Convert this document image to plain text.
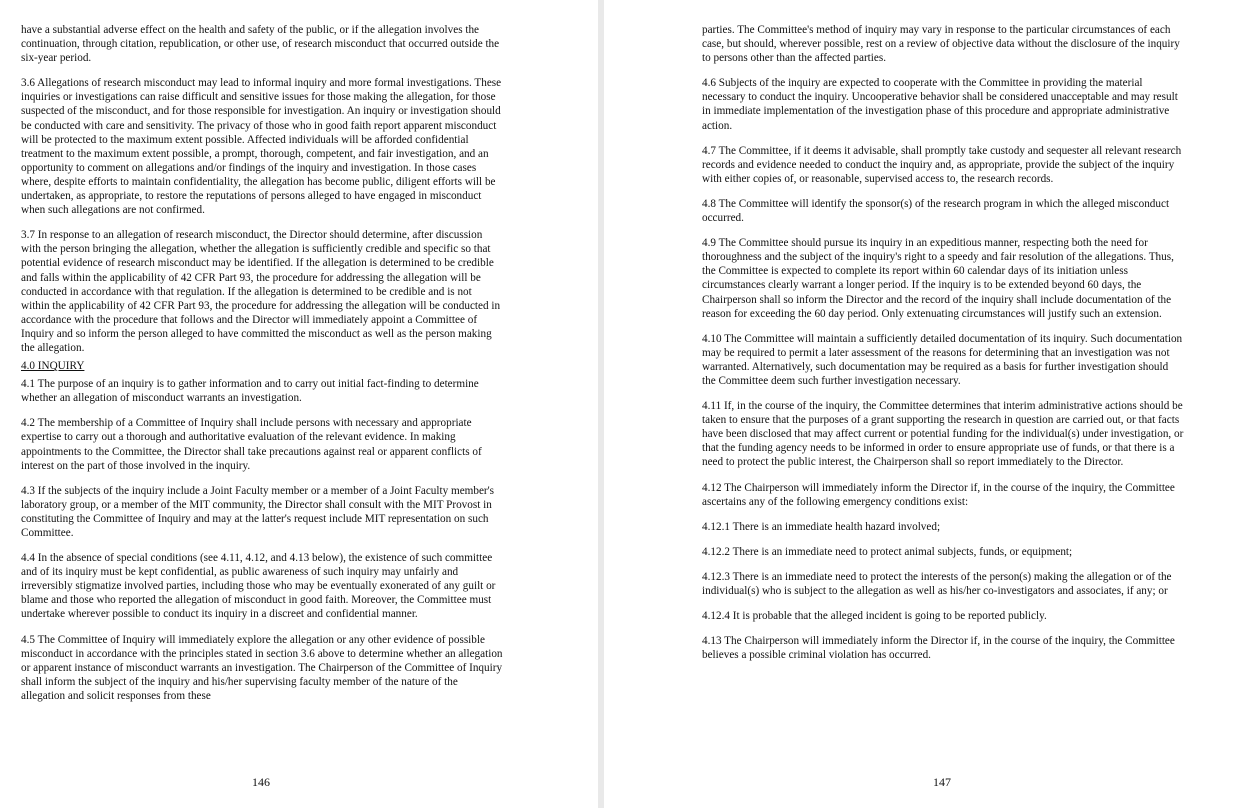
have a substantial adverse effect on the health and safety of the public, or if the allegation involves the continuation, through citation, republication, or other use, of research misconduct that occurred outside the six-year period.

3.6 Allegations of research misconduct may lead to informal inquiry and more formal investigations. These inquiries or investigations can raise difficult and sensitive issues for those making the allegation, for those suspected of the misconduct, and for those responsible for investigation. An inquiry or investigation should be conducted with care and sensitivity. The privacy of those who in good faith report apparent misconduct will be protected to the maximum extent possible. Affected individuals will be afforded confidential treatment to the maximum extent possible, a prompt, thorough, competent, and fair investigation, and an opportunity to comment on allegations and/or findings of the inquiry and investigation. In those cases where, despite efforts to maintain confidentiality, the allegation has become public, diligent efforts will be undertaken, as appropriate, to restore the reputations of persons alleged to have engaged in misconduct when such allegations are not confirmed.

3.7 In response to an allegation of research misconduct, the Director should determine, after discussion with the person bringing the allegation, whether the allegation is sufficiently credible and specific so that potential evidence of research misconduct may be identified. If the allegation is determined to be credible and falls within the applicability of 42 CFR Part 93, the procedure for addressing the allegation will be conducted in accordance with that regulation. If the allegation is determined to be credible and is not within the applicability of 42 CFR Part 93, the procedure for addressing the allegation will be conducted in accordance with the procedure that follows and the Director will immediately appoint a Committee of Inquiry and so inform the person alleged to have committed the misconduct as well as the person making the allegation.

4.0 INQUIRY

4.1 The purpose of an inquiry is to gather information and to carry out initial fact-finding to determine whether an allegation of misconduct warrants an investigation.

4.2 The membership of a Committee of Inquiry shall include persons with necessary and appropriate expertise to carry out a thorough and authoritative evaluation of the relevant evidence. In making appointments to the Committee, the Director shall take precautions against real or apparent conflicts of interest on the part of those involved in the inquiry.

4.3 If the subjects of the inquiry include a Joint Faculty member or a member of a Joint Faculty member's laboratory group, or a member of the MIT community, the Director shall consult with the MIT Provost in constituting the Committee of Inquiry and may at the latter's request include MIT representation on such Committee.

4.4 In the absence of special conditions (see 4.11, 4.12, and 4.13 below), the existence of such committee and of its inquiry must be kept confidential, as public awareness of such inquiry may unfairly and irreversibly stigmatize involved parties, including those who may be eventually exonerated of any guilt or blame and those who reported the allegation of misconduct in good faith. Moreover, the Committee must undertake wherever possible to conduct its inquiry in a discreet and confidential manner.

4.5 The Committee of Inquiry will immediately explore the allegation or any other evidence of possible misconduct in accordance with the principles stated in section 3.6 above to determine whether an allegation or apparent instance of misconduct warrants an investigation. The Chairperson of the Committee of Inquiry shall inform the subject of the inquiry and his/her supervising faculty member of the nature of the allegation and solicit responses from these

146

parties. The Committee's method of inquiry may vary in response to the particular circumstances of each case, but should, wherever possible, rest on a review of objective data without the disclosure of the inquiry to persons other than the affected parties.

4.6 Subjects of the inquiry are expected to cooperate with the Committee in providing the material necessary to conduct the inquiry. Uncooperative behavior shall be considered unacceptable and may result in immediate implementation of the investigation phase of this procedure and appropriate administrative action.

4.7 The Committee, if it deems it advisable, shall promptly take custody and sequester all relevant research records and evidence needed to conduct the inquiry and, as appropriate, provide the subject of the inquiry with either copies of, or reasonable, supervised access to, the research records.

4.8 The Committee will identify the sponsor(s) of the research program in which the alleged misconduct occurred.

4.9 The Committee should pursue its inquiry in an expeditious manner, respecting both the need for thoroughness and the subject of the inquiry's right to a speedy and fair resolution of the allegations. Thus, the Committee is expected to complete its report within 60 calendar days of its initiation unless circumstances clearly warrant a longer period. If the inquiry is to be extended beyond 60 days, the Chairperson shall so inform the Director and the record of the inquiry shall include documentation of the reason for exceeding the 60 day period. Only extenuating circumstances will justify such an extension.

4.10 The Committee will maintain a sufficiently detailed documentation of its inquiry. Such documentation may be required to permit a later assessment of the reasons for determining that an investigation was not warranted. Alternatively, such documentation may be required as a basis for further investigation should the Committee deem such further investigation necessary.

4.11 If, in the course of the inquiry, the Committee determines that interim administrative actions should be taken to ensure that the purposes of a grant supporting the research in question are carried out, or that facts have been disclosed that may affect current or potential funding for the individual(s) under investigation, or that the funding agency needs to be informed in order to ensure appropriate use of funds, or that there is a need to protect the public interest, the Chairperson shall so report immediately to the Director.

4.12 The Chairperson will immediately inform the Director if, in the course of the inquiry, the Committee ascertains any of the following emergency conditions exist:

4.12.1 There is an immediate health hazard involved;

4.12.2 There is an immediate need to protect animal subjects, funds, or equipment;

4.12.3 There is an immediate need to protect the interests of the person(s) making the allegation or of the individual(s) who is subject to the allegation as well as his/her co-investigators and associates, if any; or

4.12.4 It is probable that the alleged incident is going to be reported publicly.

4.13 The Chairperson will immediately inform the Director if, in the course of the inquiry, the Committee believes a possible criminal violation has occurred.

147
